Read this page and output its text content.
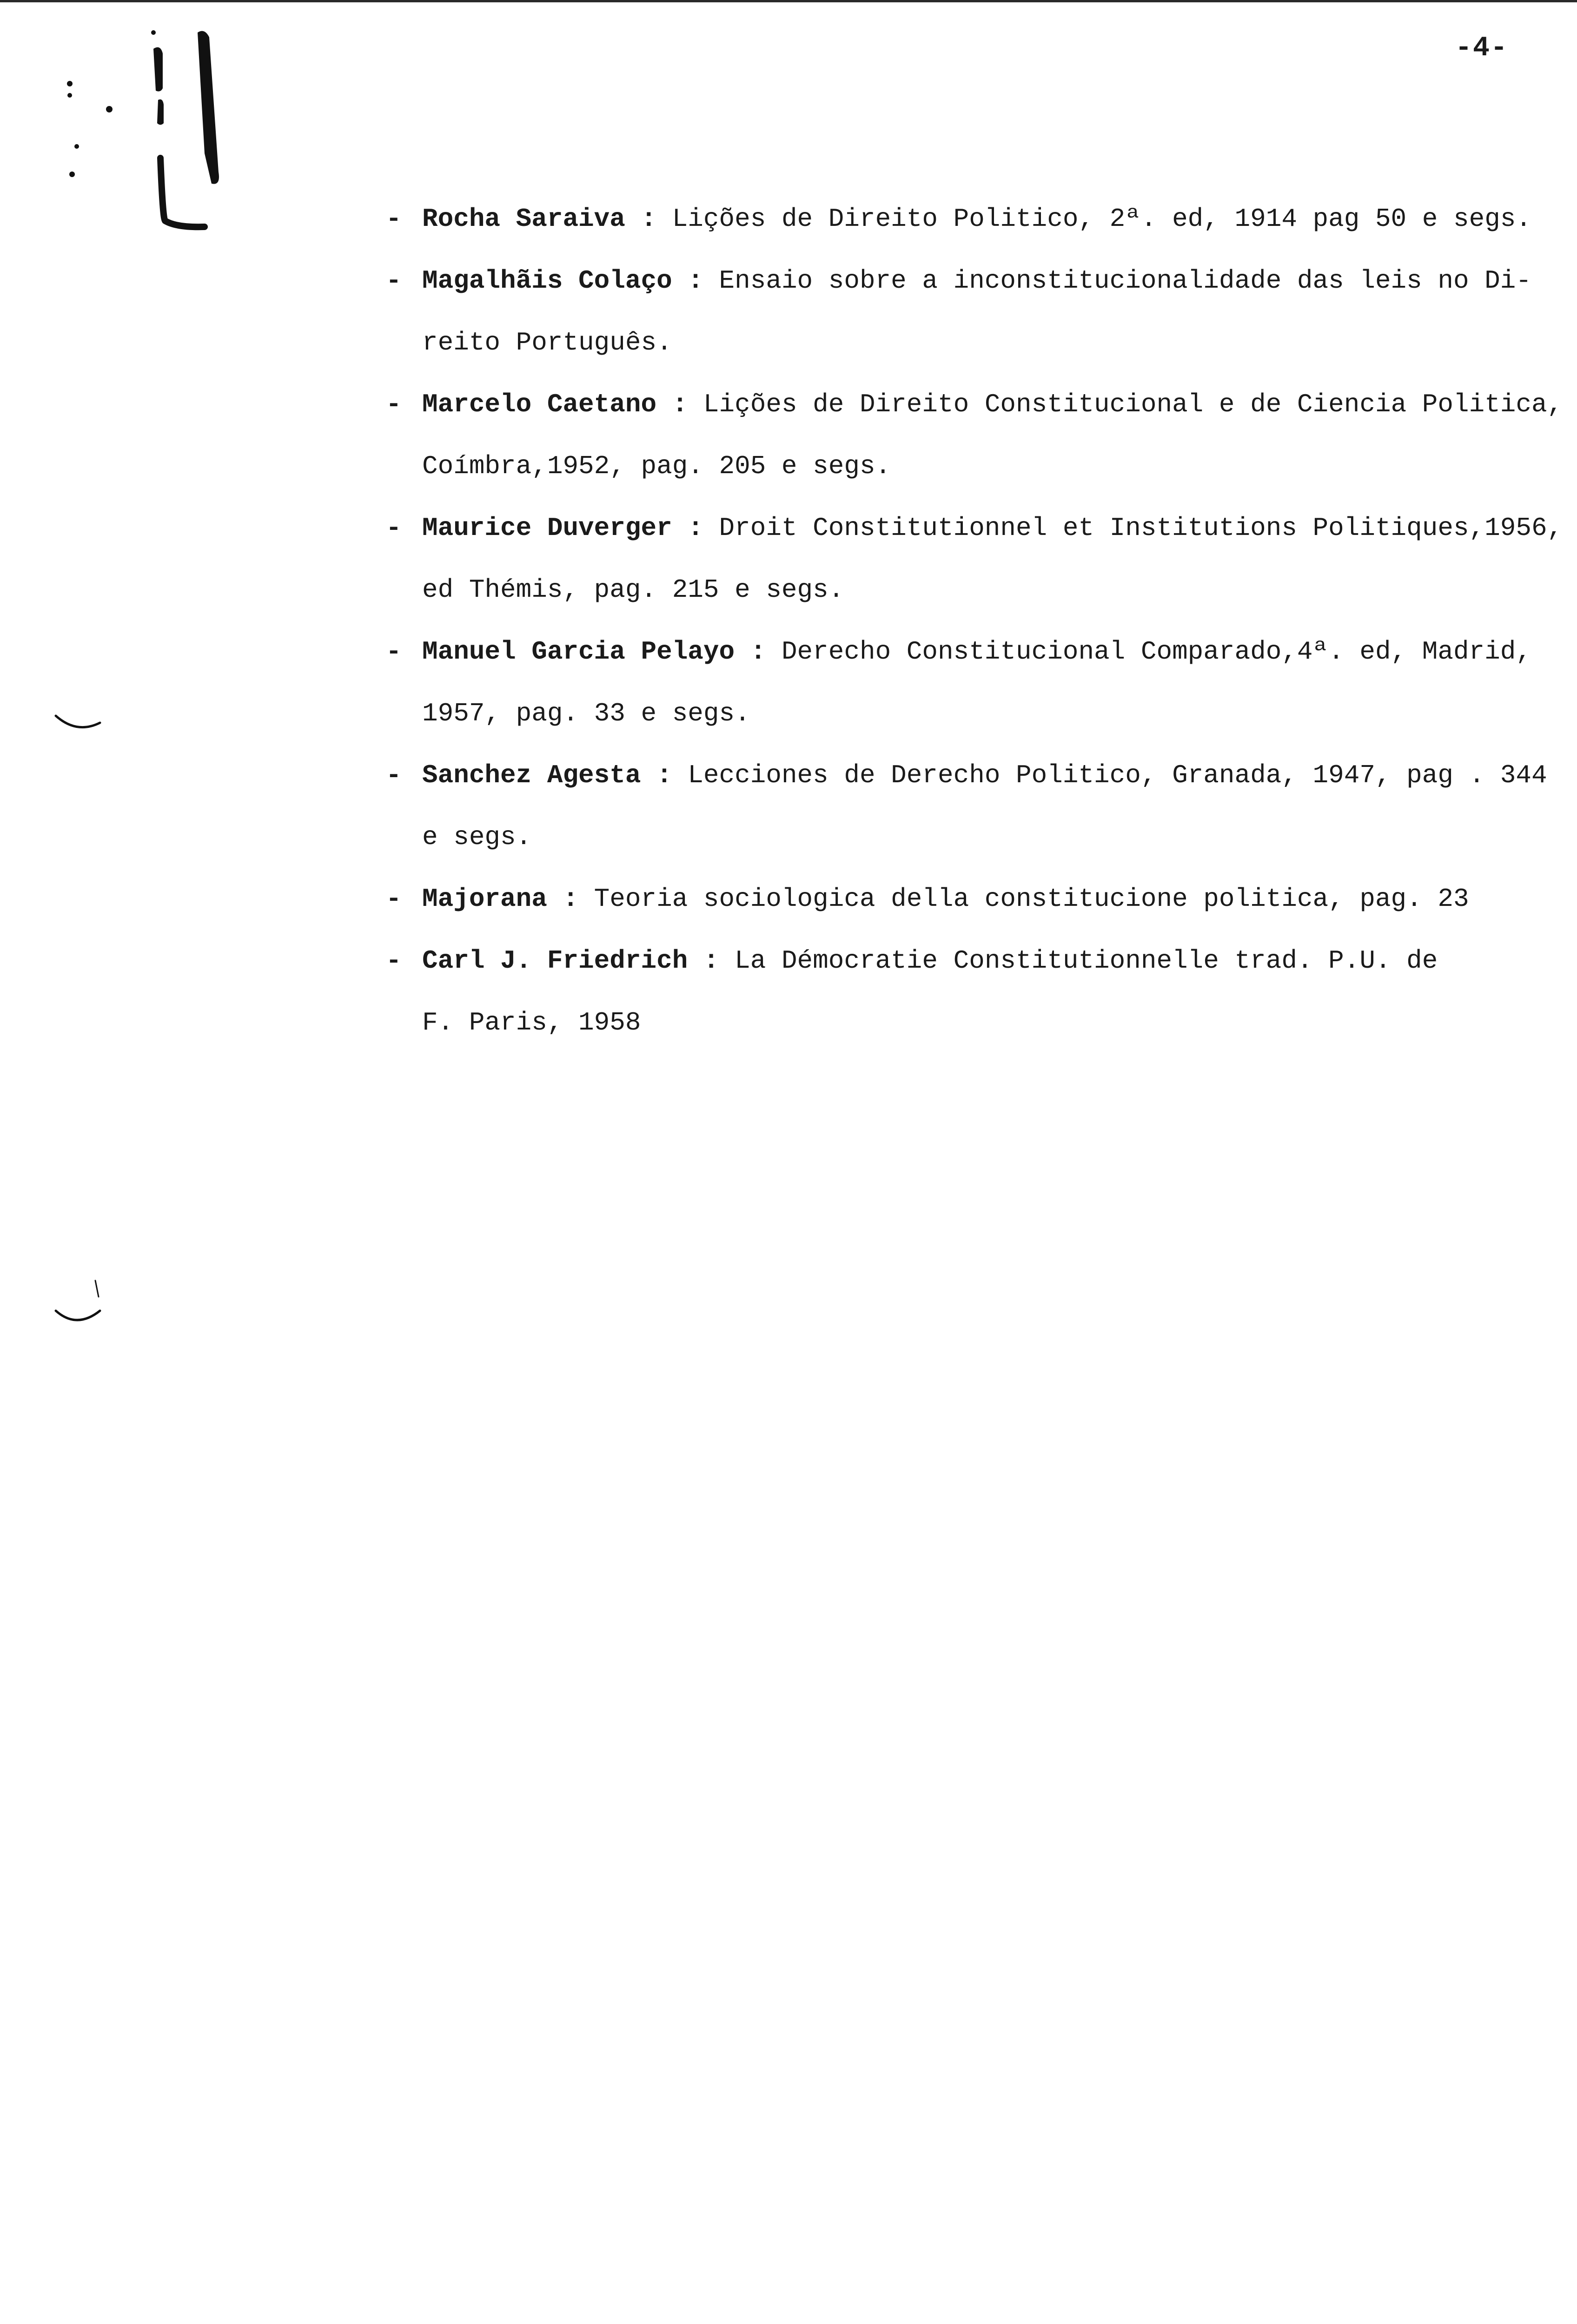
-4-
- Rocha Saraiva : Lições de Direito Politico, 2ª. ed, 1914 pag 50 e segs.
- Magalhãis Colaço : Ensaio sobre a inconstitucionalidade das leis no Di-
reito Português.
- Marcelo Caetano : Lições de Direito Constitucional e de Ciencia Politica,
Coímbra,1952, pag. 205 e segs.
- Maurice Duverger : Droit Constitutionnel et Institutions Politiques,1956,
ed Thémis, pag. 215 e segs.
- Manuel Garcia Pelayo : Derecho Constitucional Comparado,4ª. ed, Madrid,
1957, pag. 33 e segs.
- Sanchez Agesta : Lecciones de Derecho Politico, Granada, 1947, pag . 344
e segs.
- Majorana : Teoria sociologica della constitucione politica, pag. 23
- Carl J. Friedrich : La Démocratie Constitutionnelle trad. P.U. de
F. Paris, 1958
